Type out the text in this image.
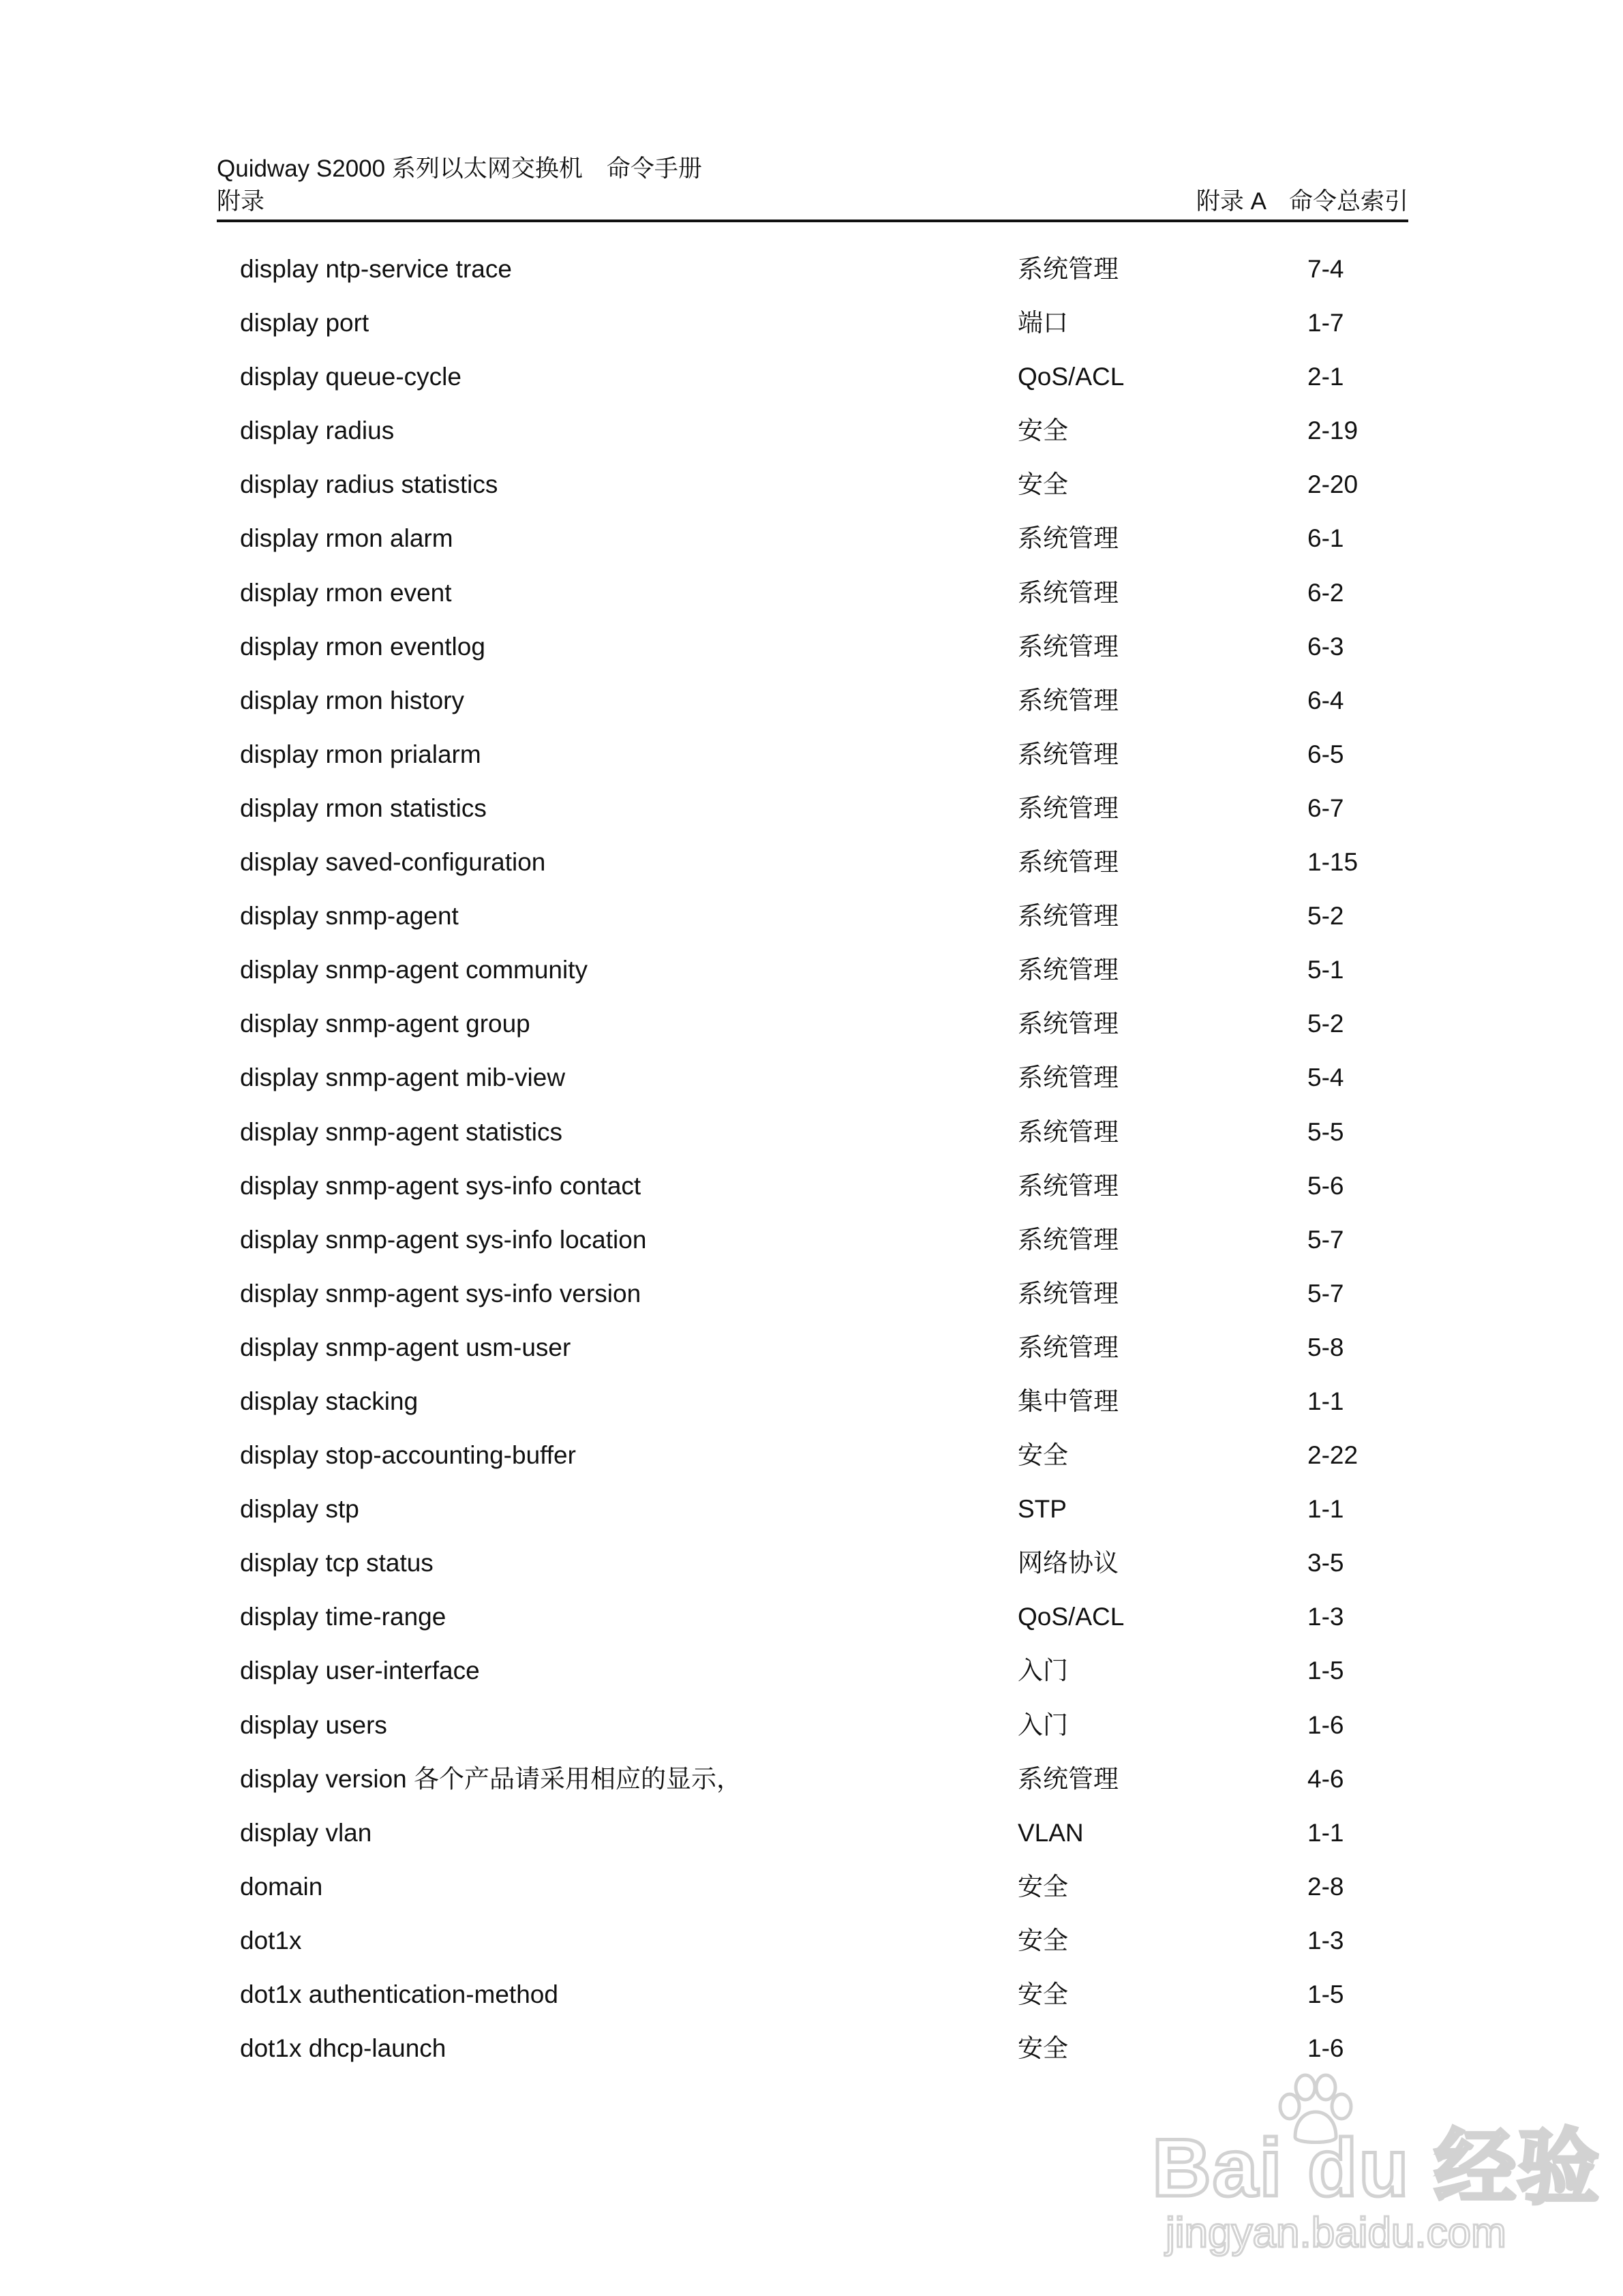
Quidway S2000 系列以太网交换机　命令手册
附录	附录 A　命令总索引
display ntp-service trace	系统管理	7-4
display port	端口	1-7
display queue-cycle	QoS/ACL	2-1
display radius	安全	2-19
display radius statistics	安全	2-20
display rmon alarm	系统管理	6-1
display rmon event	系统管理	6-2
display rmon eventlog	系统管理	6-3
display rmon history	系统管理	6-4
display rmon prialarm	系统管理	6-5
display rmon statistics	系统管理	6-7
display saved-configuration	系统管理	1-15
display snmp-agent	系统管理	5-2
display snmp-agent community	系统管理	5-1
display snmp-agent group	系统管理	5-2
display snmp-agent mib-view	系统管理	5-4
display snmp-agent statistics	系统管理	5-5
display snmp-agent sys-info contact	系统管理	5-6
display snmp-agent sys-info location	系统管理	5-7
display snmp-agent sys-info version	系统管理	5-7
display snmp-agent usm-user	系统管理	5-8
display stacking	集中管理	1-1
display stop-accounting-buffer	安全	2-22
display stp	STP	1-1
display tcp status	网络协议	3-5
display time-range	QoS/ACL	1-3
display user-interface	入门	1-5
display users	入门	1-6
display version 各个产品请采用相应的显示，	系统管理	4-6
display vlan	VLAN	1-1
domain	安全	2-8
dot1x	安全	1-3
dot1x authentication-method	安全	1-5
dot1x dhcp-launch	安全	1-6
Bai du 经验
jingyan.baidu.com
